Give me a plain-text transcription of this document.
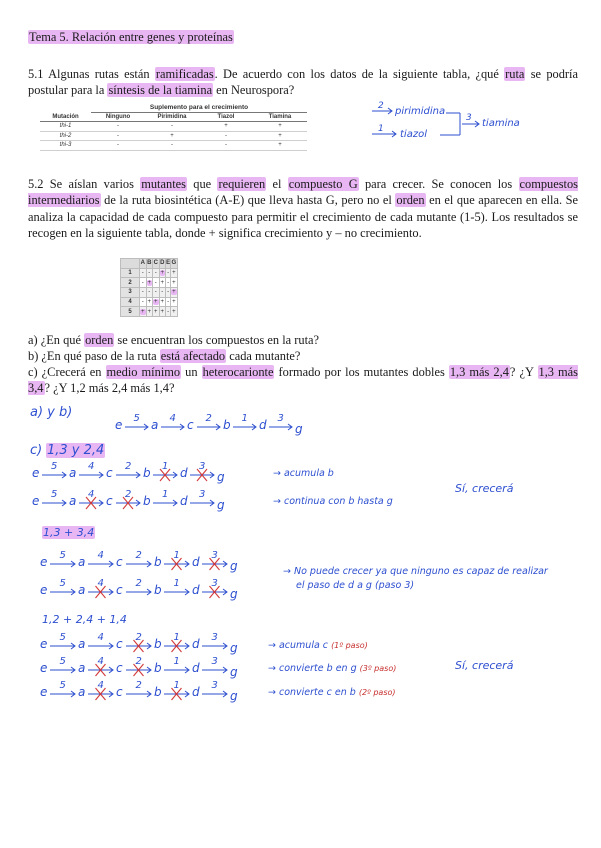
Tema 5. Relación entre genes y proteínas
5.1 Algunas rutas están ramificadas. De acuerdo con los datos de la siguiente tabla, ¿qué ruta se podría postular para la síntesis de la tiamina en Neurospora?
	Suplemento para el crecimiento			
Mutación	Ninguno	Pirimidina	Tiazol	Tiamina
thi-1	-	-	+	+
thi-2	-	+	-	+
thi-3	-	-	-	+
2 pirimidina
1 tiazol
3 tiamina
5.2 Se aíslan varios mutantes que requieren el compuesto G para crecer. Se conocen los compuestos intermediarios de la ruta biosintética (A-E) que lleva hasta G, pero no el orden en el que aparecen en ella. Se analiza la capacidad de cada compuesto para permitir el crecimiento de cada mutante (1-5). Los resultados se recogen en la siguiente tabla, donde + significa crecimiento y – no crecimiento.
	A	B	C	D	E	G
1	-	-	-	+	-	+
2	-	+	-	+	-	+
3	-	-	-	-	-	+
4	-	+	+	+	-	+
5	+	+	+	+	-	+
a) ¿En qué orden se encuentran los compuestos en la ruta?
b) ¿En qué paso de la ruta está afectado cada mutante?
c) ¿Crecerá en medio mínimo un heterocarionte formado por los mutantes dobles 1,3 más 2,4? ¿Y 1,3 más 3,4? ¿Y 1,2 más 2,4 más 1,4?
a) y b)
c) 1,3 y 2,4
1,3 + 3,4
1,2 + 2,4 + 1,4
e a c b d g
5	4	2	1	3
e a c	b d g
5	4	2	1	3
e a c	b d g
5	4	2	1	3
e	a	c	b	d	g
5	4	2	1	3
e	a	c	b	d	g
5	4	2	1	3
e	a	c	b	d	g
5	4	2	1	3
e	a	c	b	d	g
5	4	2	1	3
e	a	c	b	d	g
5	4	2	1	3
→ acumula b
→ continua con b hasta g
Sí, crecerá
→ No puede crecer ya que ninguno es capaz de realizar
el paso de d a g (paso 3)
→ acumula c (1º paso)
→ convierte b en g (3º paso)
→ convierte c en b (2º paso)
Sí, crecerá
